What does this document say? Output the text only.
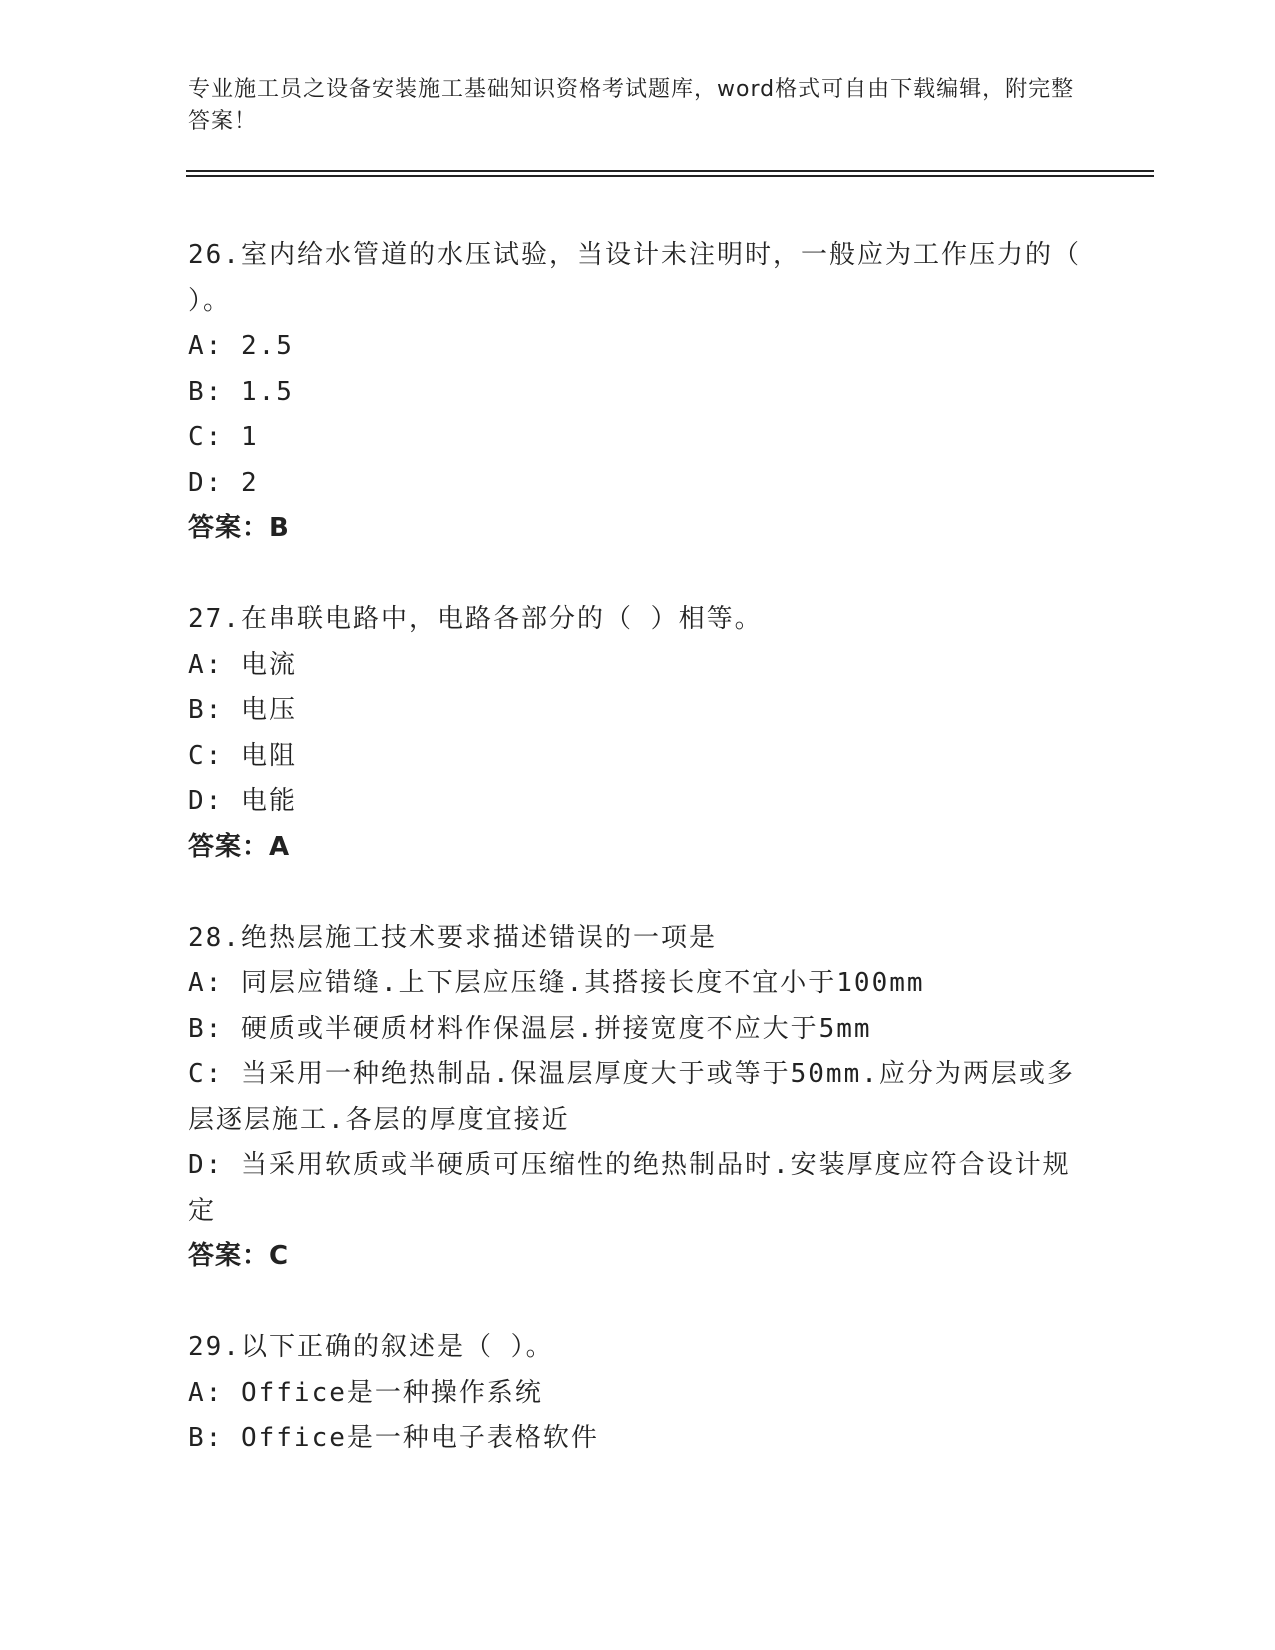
专业施工员之设备安装施工基础知识资格考试题库，word格式可自由下载编辑，附完整答案！
26.室内给水管道的水压试验，当设计未注明时，一般应为工作压力的（ ）。
A: 2.5
B: 1.5
C: 1
D: 2
答案：B
27.在串联电路中，电路各部分的（ ）相等。
A: 电流
B: 电压
C: 电阻
D: 电能
答案：A
28.绝热层施工技术要求描述错误的一项是
A: 同层应错缝.上下层应压缝.其搭接长度不宜小于100mm
B: 硬质或半硬质材料作保温层.拼接宽度不应大于5mm
C: 当采用一种绝热制品.保温层厚度大于或等于50mm.应分为两层或多层逐层施工.各层的厚度宜接近
D: 当采用软质或半硬质可压缩性的绝热制品时.安装厚度应符合设计规定
答案：C
29.以下正确的叙述是（ ）。
A: Office是一种操作系统
B: Office是一种电子表格软件
